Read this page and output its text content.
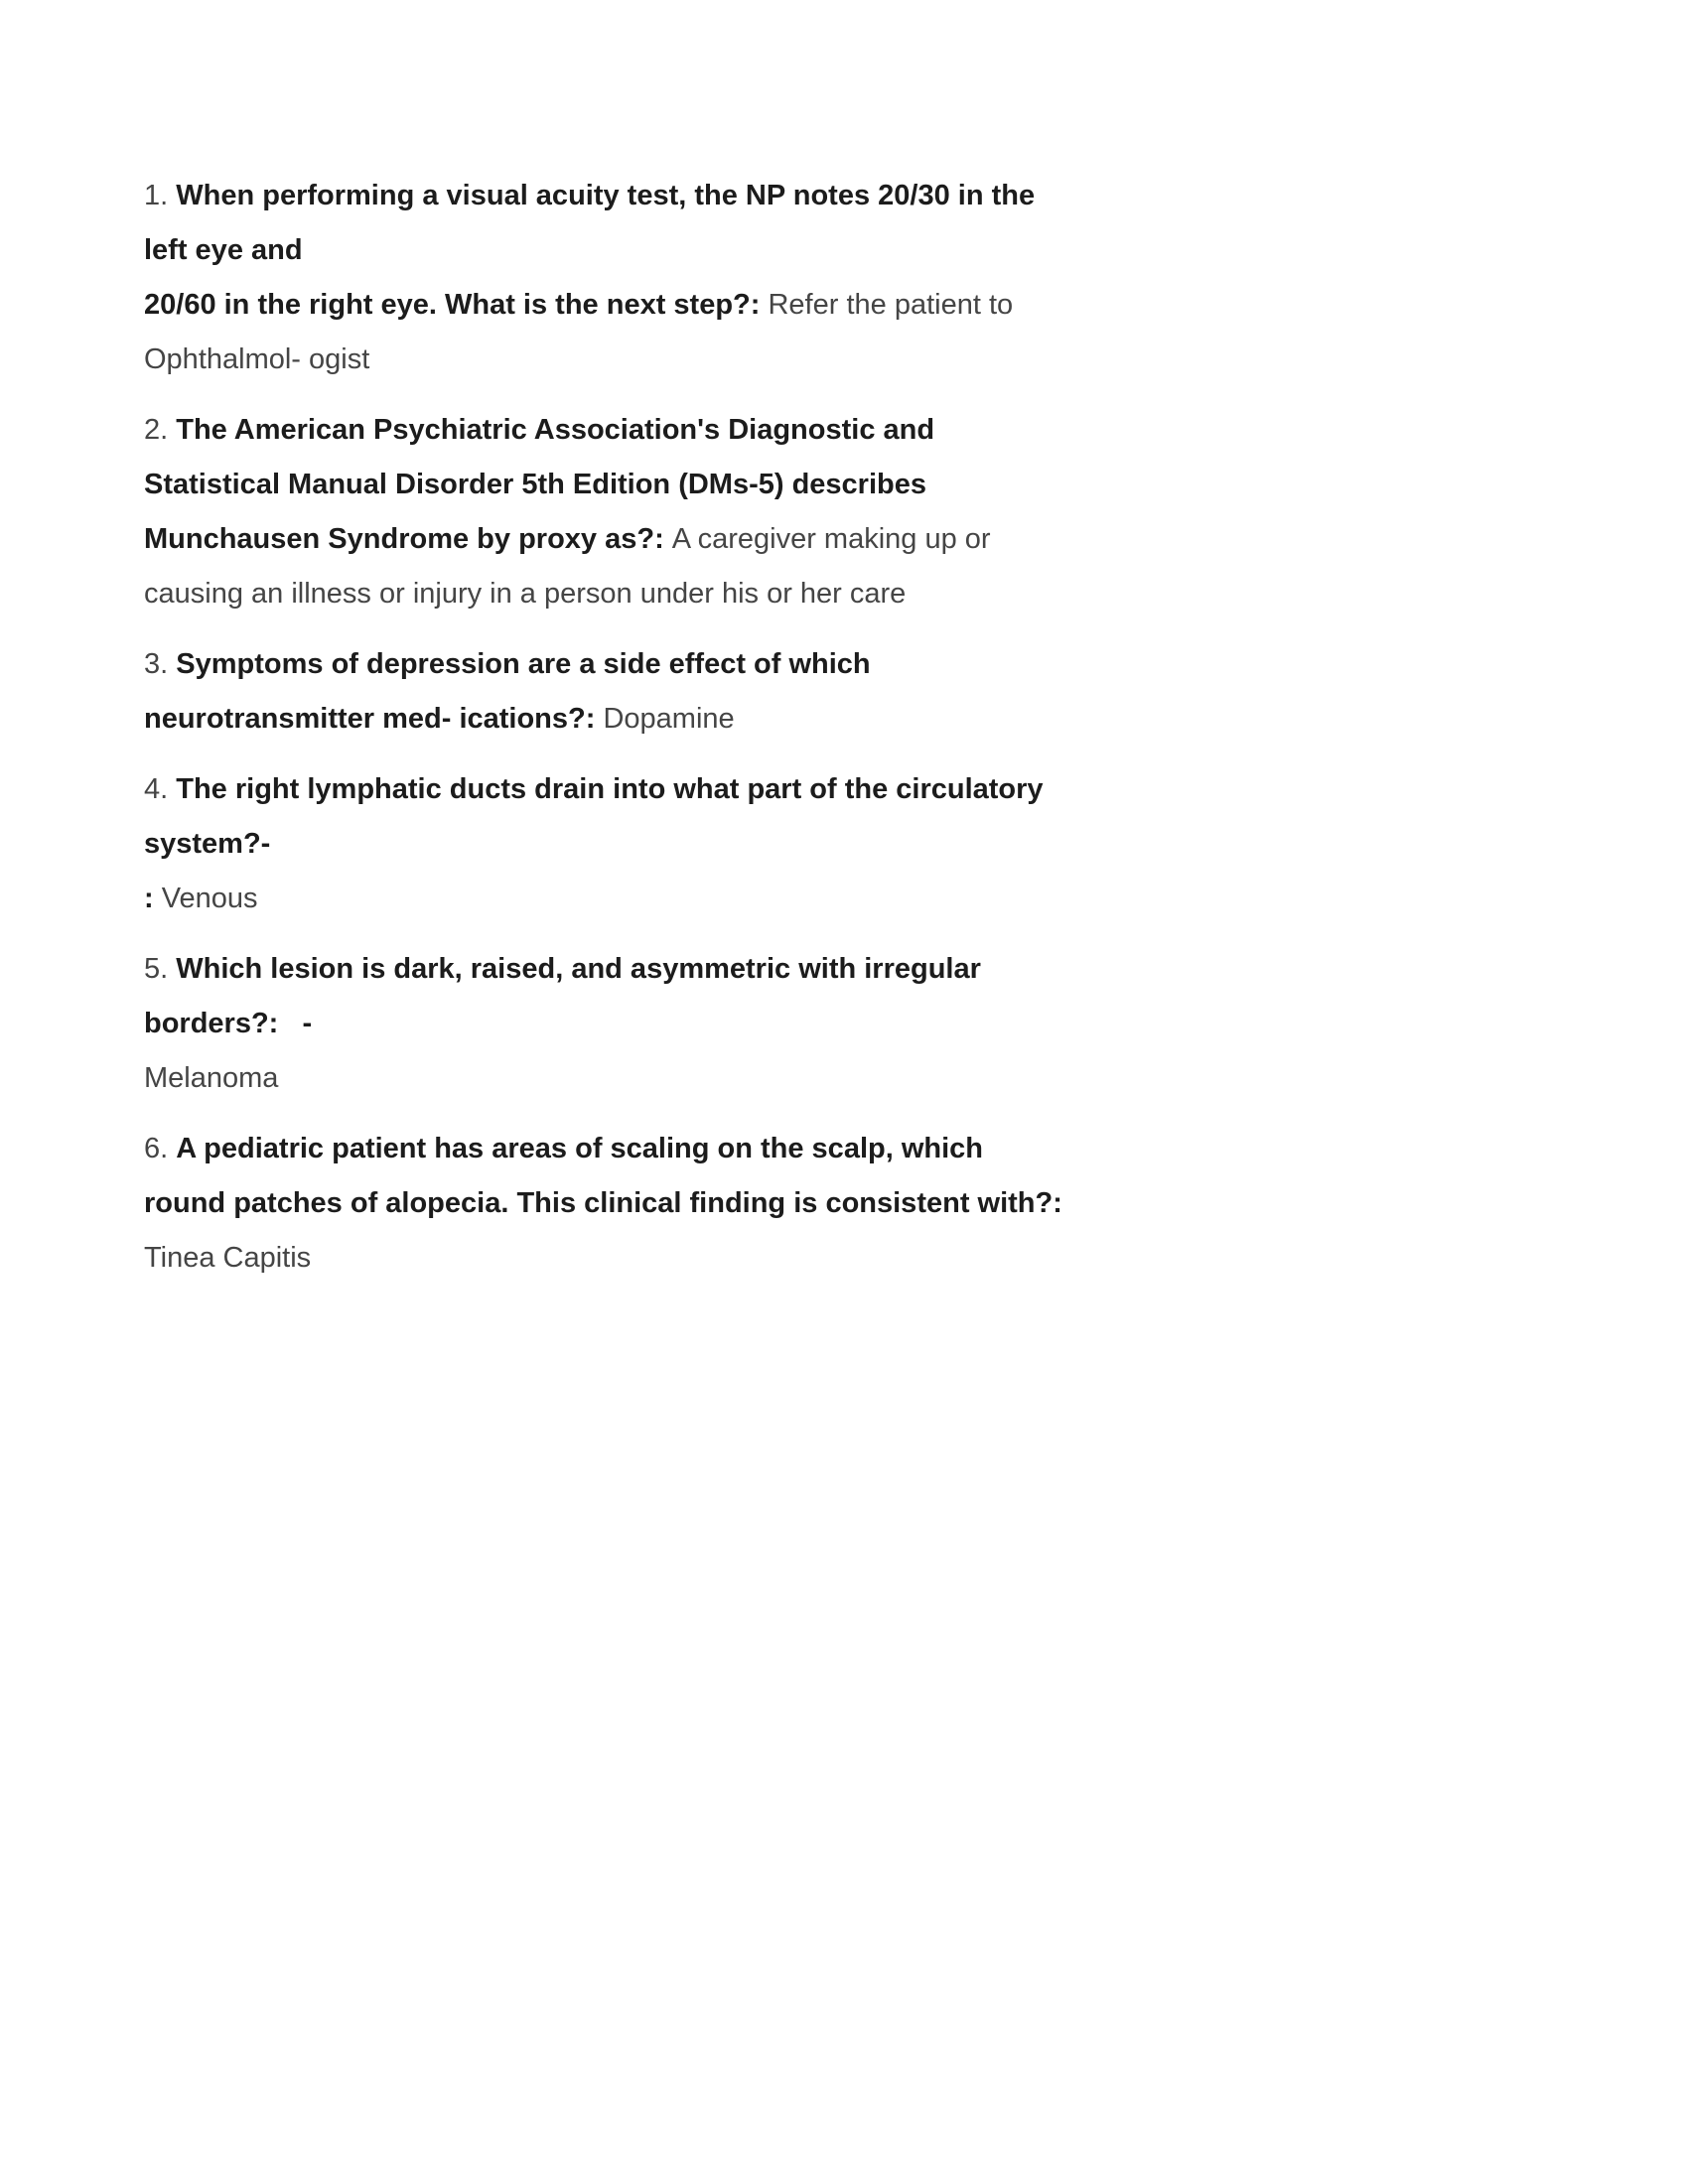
1. When performing a visual acuity test, the NP notes 20/30 in the left eye and
20/60 in the right eye. What is the next step?: Refer the patient to Ophthalmol- ogist

2. The American Psychiatric Association's Diagnostic and Statistical Manual Disorder 5th Edition (DMs-5) describes Munchausen Syndrome by proxy as?: A caregiver making up or causing an illness or injury in a person under his or her care

3. Symptoms of depression are a side effect of which neurotransmitter med- ications?: Dopamine

4. The right lymphatic ducts drain into what part of the circulatory system?-
: Venous

5. Which lesion is dark, raised, and asymmetric with irregular borders?:   -
Melanoma

6. A pediatric patient has areas of scaling on the scalp, which round patches of alopecia. This clinical finding is consistent with?: Tinea Capitis
